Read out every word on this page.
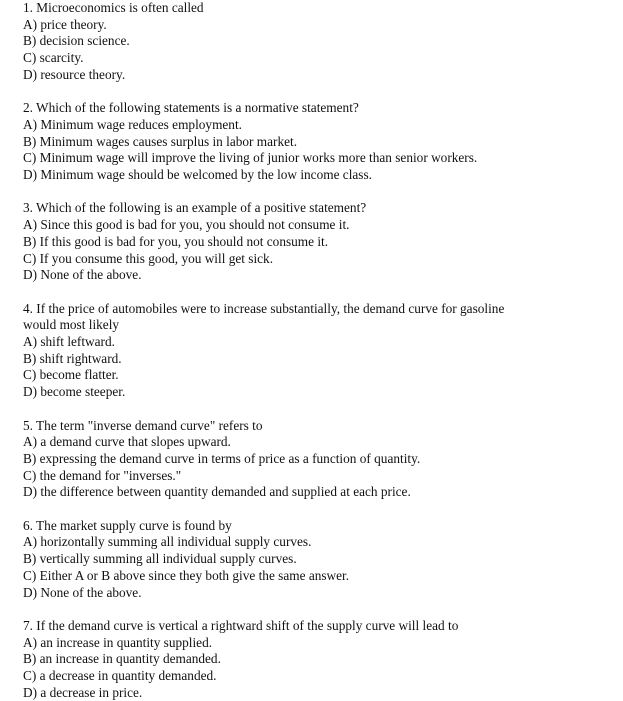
1. Microeconomics is often called
A) price theory.
B) decision science.
C) scarcity.
D) resource theory.
2. Which of the following statements is a normative statement?
A) Minimum wage reduces employment.
B) Minimum wages causes surplus in labor market.
C) Minimum wage will improve the living of junior works more than senior workers.
D) Minimum wage should be welcomed by the low income class.
3. Which of the following is an example of a positive statement?
A) Since this good is bad for you, you should not consume it.
B) If this good is bad for you, you should not consume it.
C) If you consume this good, you will get sick.
D) None of the above.
4. If the price of automobiles were to increase substantially, the demand curve for gasoline
would most likely
A) shift leftward.
B) shift rightward.
C) become flatter.
D) become steeper.
5. The term "inverse demand curve" refers to
A) a demand curve that slopes upward.
B) expressing the demand curve in terms of price as a function of quantity.
C) the demand for "inverses."
D) the difference between quantity demanded and supplied at each price.
6. The market supply curve is found by
A) horizontally summing all individual supply curves.
B) vertically summing all individual supply curves.
C) Either A or B above since they both give the same answer.
D) None of the above.
7. If the demand curve is vertical a rightward shift of the supply curve will lead to
A) an increase in quantity supplied.
B) an increase in quantity demanded.
C) a decrease in quantity demanded.
D) a decrease in price.
